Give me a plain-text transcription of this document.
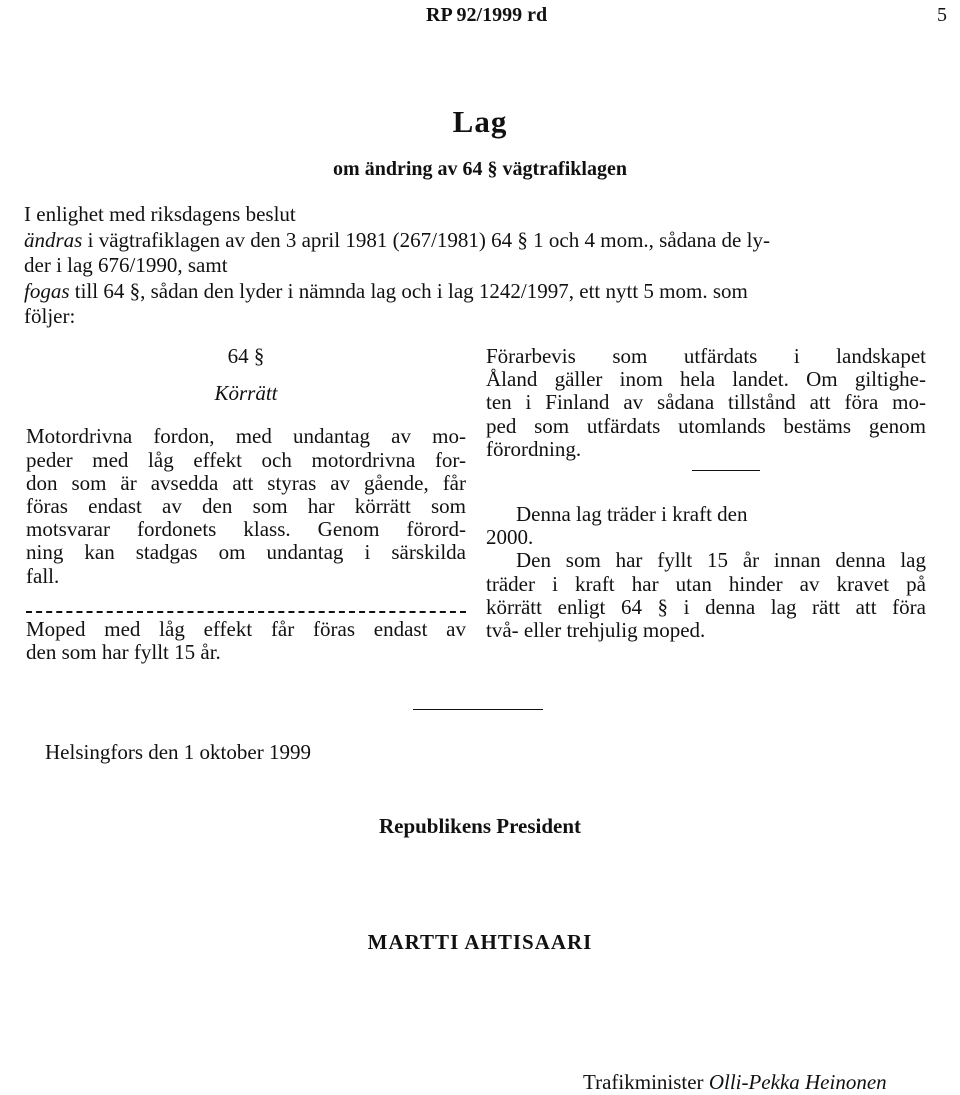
RP 92/1999 rd	5
Lag
om ändring av 64 § vägtrafiklagen
I enlighet med riksdagens beslut
ändras i vägtrafiklagen av den 3 april 1981 (267/1981) 64 § 1 och 4 mom., sådana de ly-
der i lag 676/1990, samt
fogas till 64 §, sådan den lyder i nämnda lag och i lag 1242/1997, ett nytt 5 mom. som
följer:
64 §
Körrätt
Motordrivna fordon, med undantag av mo-
peder med låg effekt och motordrivna for-
don som är avsedda att styras av gående, får
föras endast av den som har körrätt som
motsvarar fordonets klass. Genom förord-
ning kan stadgas om undantag i särskilda
fall.
Moped med låg effekt får föras endast av
den som har fyllt 15 år.
Förarbevis som utfärdats i landskapet
Åland gäller inom hela landet. Om giltighe-
ten i Finland av sådana tillstånd att föra mo-
ped som utfärdats utomlands bestäms genom
förordning.
Denna lag träder i kraft den
2000.
Den som har fyllt 15 år innan denna lag
träder i kraft har utan hinder av kravet på
körrätt enligt 64 § i denna lag rätt att föra
två- eller trehjulig moped.
Helsingfors den 1 oktober 1999
Republikens President
MARTTI AHTISAARI
Trafikminister Olli-Pekka Heinonen
